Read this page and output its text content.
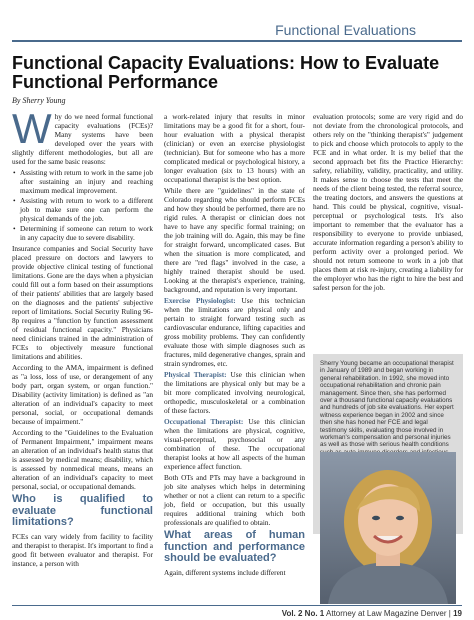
Functional Evaluations
Functional Capacity Evaluations: How to Evaluate Functional Performance
By Sherry Young

Why do we need formal functional capacity evaluations (FCEs)? Many systems have been developed over the years with slightly different methodologies, but all are used for the same basic reasons:

• Assisting with return to work in the same job after sustaining an injury and reaching maximum medical improvement.
• Assisting with return to work to a different job to make sure one can perform the physical demands of the job.
• Determining if someone can return to work in any capacity due to severe disability.

Insurance companies and Social Security have placed pressure on doctors and lawyers to provide objective clinical testing of functional limitations. Gone are the days when a physician could fill out a form based on their assumptions of their patients' abilities that are largely based on the diagnoses and the patients' subjective report of limitations. Social Security Ruling 96-8p requires a "function by function assessment of residual functional capacity." Physicians need clinicians trained in the administration of FCEs to objectively measure functional limitations and abilities.

According to the AMA, impairment is defined as "a loss, loss of use, or derangement of any body part, organ system, or organ function." Disability (activity limitation) is defined as "an alteration of an individual's capacity to meet personal, social, or occupational demands because of impairment."

According to the "Guidelines to the Evaluation of Permanent Impairment," impairment means an alteration of an individual's health status that is assessed by medical means; disability, which is assessed by nonmedical means, means an alteration of an individual's capacity to meet personal, social, or occupational demands.

Who is qualified to evaluate functional limitations?

FCEs can vary widely from facility to facility and therapist to therapist. It's important to find a good fit between evaluator and therapist. For instance, a person with

a work-related injury that results in minor limitations may be a good fit for a short, four-hour evaluation with a physical therapist (clinician) or even an exercise physiologist (technician). But for someone who has a more complicated medical or psychological history, a longer evaluation (six to 13 hours) with an occupational therapist is the best option.

While there are "guidelines" in the state of Colorado regarding who should perform FCEs and how they should be performed, there are no rigid rules. A therapist or clinician does not have to have any specific formal training; on the job training will do. Again, this may be fine for straight forward, uncomplicated cases. But when the situation is more complicated, and there are "red flags" involved in the case, a highly trained therapist should be used. Looking at the therapist's experience, training, background, and reputation is very important.

Exercise Physiologist: Use this technician when the limitations are physical only and pertain to straight forward testing such as cardiovascular endurance, lifting capacities and gross mobility problems. They can confidently evaluate those with simple diagnoses such as fractures, mild degenerative changes, sprain and strain syndromes, etc.

Physical Therapist: Use this clinician when the limitations are physical only but may be a bit more complicated involving neurological, orthopedic, musculoskeletal or a combination of these factors.

Occupational Therapist: Use this clinician when the limitations are physical, cognitive, visual-perceptual, psychosocial or any combination of these. The occupational therapist looks at how all aspects of the human experience affect function.

Both OTs and PTs may have a background in job site analyses which helps in determining whether or not a client can return to a specific job, field or occupation, but this usually requires additional training which both professionals are qualified to obtain.

What areas of human function and performance should be evaluated?

Again, different systems include different

evaluation protocols; some are very rigid and do not deviate from the chronological protocols, and others rely on the "thinking therapist's" judgement to pick and choose which protocols to apply to the FCE and in what order. It is my belief that the second approach bet fits the Practice Hierarchy: safety, reliability, validity, practicality, and utility. It makes sense to choose the tests that meet the needs of the client being tested, the referral source, the treating doctors, and answers the questions at hand. This could be physical, cognitive, visual-perceptual or psychological tests. It's also important to remember that the evaluator has a responsibility to everyone to provide unbiased, accurate information regarding a person's ability to perform activity over a prolonged period. We should not return someone to work in a job that places them at risk re-injury, creating a liability for the employer who has the right to hire the best and safest person for the job.

Sherry Young became an occupational therapist in January of 1989 and began working in general rehabilitation. In 1992, she moved into occupational rehabilitation and chronic pain management. Since then, she has performed over a thousand functional capacity evaluations and hundreds of job site evaluations. Her expert witness experience began in 2002 and since then she has honed her FCE and legal testimony skills, evaluating those involved in workman's compensation and personal injuries as well as those with serious health conditions

Vol. 2 No. 1 Attorney at Law Magazine Denver | 19
